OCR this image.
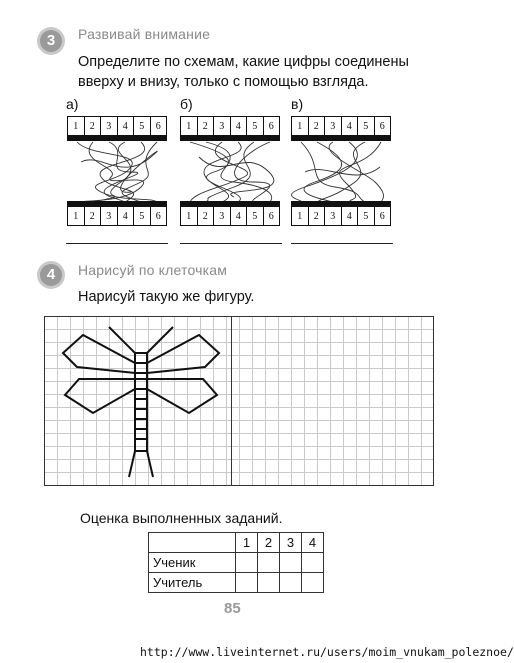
3	Развивай внимание
Определите по схемам, какие цифры соединены
вверху и внизу, только с помощью взгляда.
а)
1	2	3	4	5	6
1	2	3	4	5	6
б)
1	2	3	4	5	6
1	2	3	4	5	6
в)
1	2	3	4	5	6
1	2	3	4	5	6
4	Нарисуй по клеточкам
Нарисуй такую же фигуру.
Оценка выполненных заданий.
	1	2	3	4
Ученик				
Учитель				
85
http://www.liveinternet.ru/users/moim_vnukam_poleznoe/
